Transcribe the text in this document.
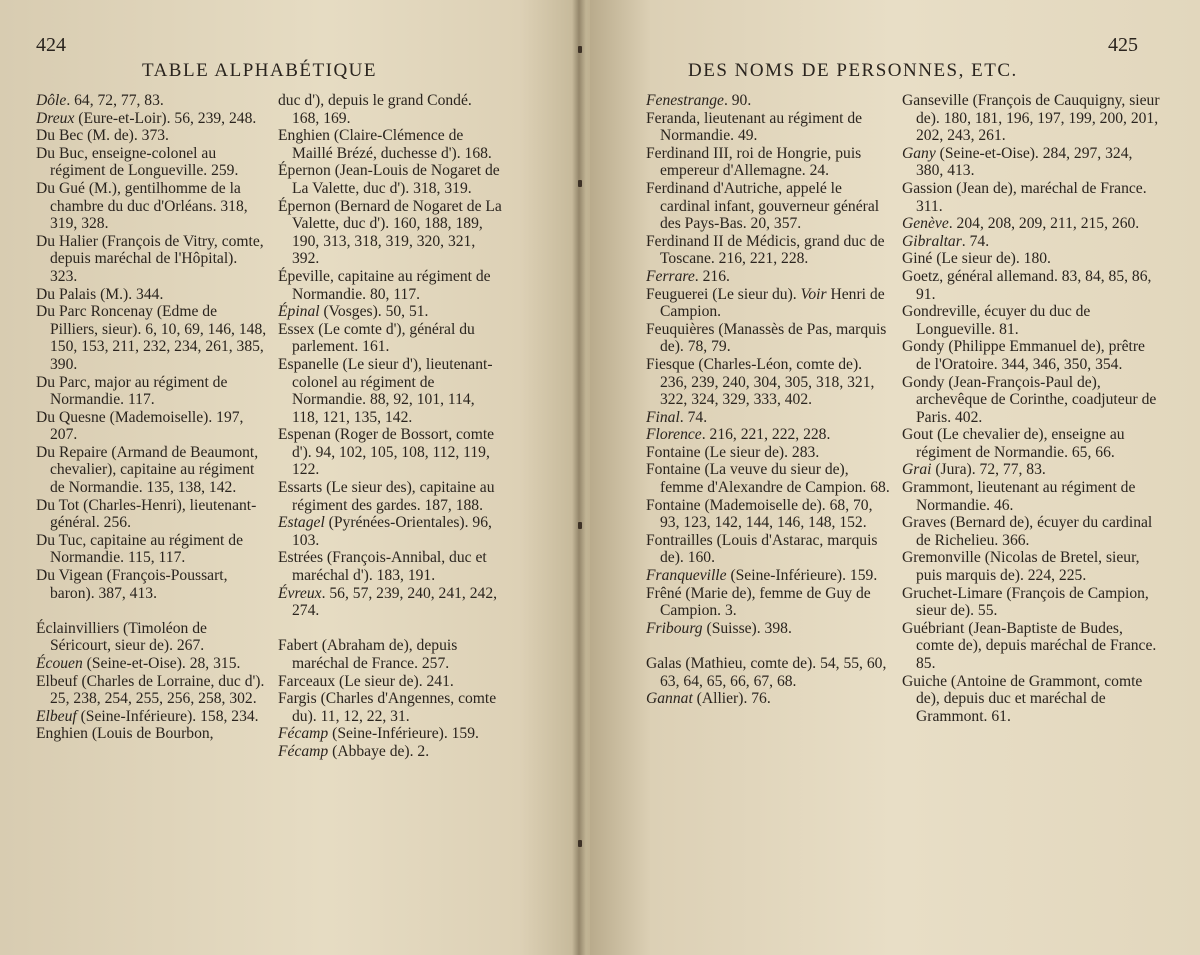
424
TABLE ALPHABÉTIQUE
Dôle. 64, 72, 77, 83.
Dreux (Eure-et-Loir). 56, 239, 248.
Du Bec (M. de). 373.
Du Buc, enseigne-colonel au régiment de Longueville. 259.
Du Gué (M.), gentilhomme de la chambre du duc d'Orléans. 318, 319, 328.
Du Halier (François de Vitry, comte, depuis maréchal de l'Hôpital). 323.
Du Palais (M.). 344.
Du Parc Roncenay (Edme de Pilliers, sieur). 6, 10, 69, 146, 148, 150, 153, 211, 232, 234, 261, 385, 390.
Du Parc, major au régiment de Normandie. 117.
Du Quesne (Mademoiselle). 197, 207.
Du Repaire (Armand de Beaumont, chevalier), capitaine au régiment de Normandie. 135, 138, 142.
Du Tot (Charles-Henri), lieutenant-général. 256.
Du Tuc, capitaine au régiment de Normandie. 115, 117.
Du Vigean (François-Poussart, baron). 387, 413.
Éclainvilliers (Timoléon de Séricourt, sieur de). 267.
Écouen (Seine-et-Oise). 28, 315.
Elbeuf (Charles de Lorraine, duc d'). 25, 238, 254, 255, 256, 258, 302.
Elbeuf (Seine-Inférieure). 158, 234.
Enghien (Louis de Bourbon,
duc d'), depuis le grand Condé. 168, 169.
Enghien (Claire-Clémence de Maillé Brézé, duchesse d'). 168.
Épernon (Jean-Louis de Nogaret de La Valette, duc d'). 318, 319.
Épernon (Bernard de Nogaret de La Valette, duc d'). 160, 188, 189, 190, 313, 318, 319, 320, 321, 392.
Épeville, capitaine au régiment de Normandie. 80, 117.
Épinal (Vosges). 50, 51.
Essex (Le comte d'), général du parlement. 161.
Espanelle (Le sieur d'), lieutenant-colonel au régiment de Normandie. 88, 92, 101, 114, 118, 121, 135, 142.
Espenan (Roger de Bossort, comte d'). 94, 102, 105, 108, 112, 119, 122.
Essarts (Le sieur des), capitaine au régiment des gardes. 187, 188.
Estagel (Pyrénées-Orientales). 96, 103.
Estrées (François-Annibal, duc et maréchal d'). 183, 191.
Évreux. 56, 57, 239, 240, 241, 242, 274.
Fabert (Abraham de), depuis maréchal de France. 257.
Farceaux (Le sieur de). 241.
Fargis (Charles d'Angennes, comte du). 11, 12, 22, 31.
Fécamp (Seine-Inférieure). 159.
Fécamp (Abbaye de). 2.
DES NOMS DE PERSONNES, ETC.
425
Fenestrange. 90.
Feranda, lieutenant au régiment de Normandie. 49.
Ferdinand III, roi de Hongrie, puis empereur d'Allemagne. 24.
Ferdinand d'Autriche, appelé le cardinal infant, gouverneur général des Pays-Bas. 20, 357.
Ferdinand II de Médicis, grand duc de Toscane. 216, 221, 228.
Ferrare. 216.
Feuguerei (Le sieur du). Voir Henri de Campion.
Feuquières (Manassès de Pas, marquis de). 78, 79.
Fiesque (Charles-Léon, comte de). 236, 239, 240, 304, 305, 318, 321, 322, 324, 329, 333, 402.
Final. 74.
Florence. 216, 221, 222, 228.
Fontaine (Le sieur de). 283.
Fontaine (La veuve du sieur de), femme d'Alexandre de Campion. 68.
Fontaine (Mademoiselle de). 68, 70, 93, 123, 142, 144, 146, 148, 152.
Fontrailles (Louis d'Astarac, marquis de). 160.
Franqueville (Seine-Inférieure). 159.
Frêné (Marie de), femme de Guy de Campion. 3.
Fribourg (Suisse). 398.
Galas (Mathieu, comte de). 54, 55, 60, 63, 64, 65, 66, 67, 68.
Gannat (Allier). 76.
Ganseville (François de Cauquigny, sieur de). 180, 181, 196, 197, 199, 200, 201, 202, 243, 261.
Gany (Seine-et-Oise). 284, 297, 324, 380, 413.
Gassion (Jean de), maréchal de France. 311.
Genève. 204, 208, 209, 211, 215, 260.
Gibraltar. 74.
Giné (Le sieur de). 180.
Goetz, général allemand. 83, 84, 85, 86, 91.
Gondreville, écuyer du duc de Longueville. 81.
Gondy (Philippe Emmanuel de), prêtre de l'Oratoire. 344, 346, 350, 354.
Gondy (Jean-François-Paul de), archevêque de Corinthe, coadjuteur de Paris. 402.
Gout (Le chevalier de), enseigne au régiment de Normandie. 65, 66.
Grai (Jura). 72, 77, 83.
Grammont, lieutenant au régiment de Normandie. 46.
Graves (Bernard de), écuyer du cardinal de Richelieu. 366.
Gremonville (Nicolas de Bretel, sieur, puis marquis de). 224, 225.
Gruchet-Limare (François de Campion, sieur de). 55.
Guébriant (Jean-Baptiste de Budes, comte de), depuis maréchal de France. 85.
Guiche (Antoine de Grammont, comte de), depuis duc et maréchal de Grammont. 61.
